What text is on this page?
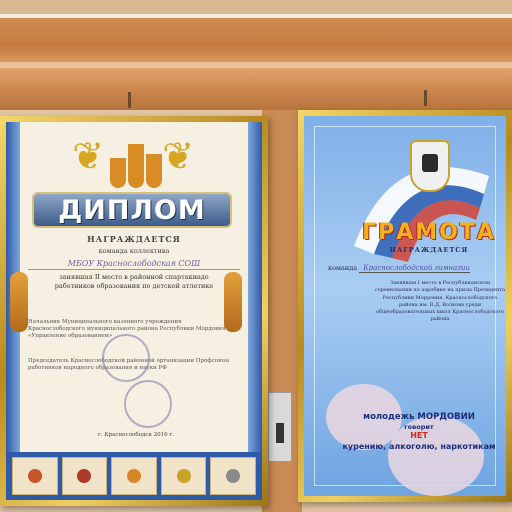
❦ ❦
ДИПЛОМ
НАГРАЖДАЕТСЯ
команда коллектива
МБОУ Краснослободская СОШ
занявшая II место в районной спартакиаде
работников образования по детской атлетике
Начальник Муниципального казенного учреждения Краснослободского муниципального района Республики Мордовия «Управление образованием»
Председатель Краснослободской районной организации Профсоюза работников народного образования и науки РФ
г. Краснослободск 2016 г.
ГРАМОТА
НАГРАЖДАЕТСЯ
команда Краснослободской гимназии
Занявшая I место в Республиканском соревновании по аэробике на призы Президента Республики Мордовия, Краснослободского района им. В.Д. Волкова среди общеобразовательных школ Краснослободского района
молодежь МОРДОВИИ
говорит
НЕТ
курению, алкоголю, наркотикам
